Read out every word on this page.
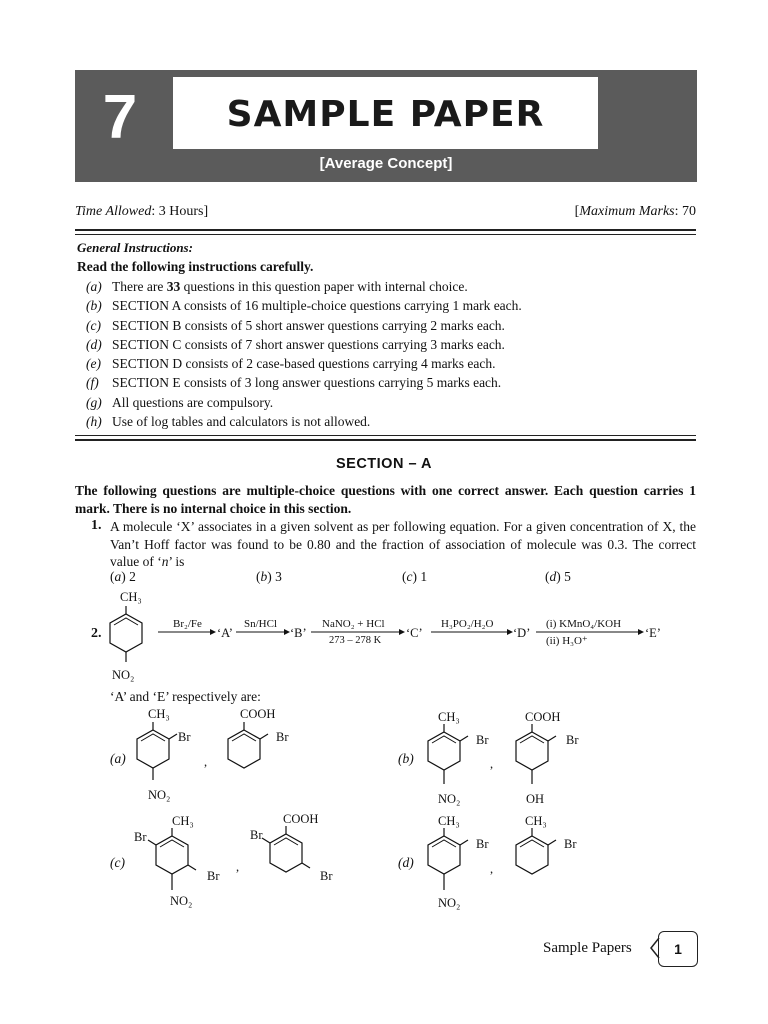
7	SAMPLE PAPER
[Average Concept]
Time Allowed: 3 Hours]	[Maximum Marks: 70
General Instructions:
Read the following instructions carefully.
(a) There are 33 questions in this question paper with internal choice.
(b) SECTION A consists of 16 multiple-choice questions carrying 1 mark each.
(c) SECTION B consists of 5 short answer questions carrying 2 marks each.
(d) SECTION C consists of 7 short answer questions carrying 3 marks each.
(e) SECTION D consists of 2 case-based questions carrying 4 marks each.
(f) SECTION E consists of 3 long answer questions carrying 5 marks each.
(g) All questions are compulsory.
(h) Use of log tables and calculators is not allowed.
SECTION – A
The following questions are multiple-choice questions with one correct answer. Each question carries 1 mark. There is no internal choice in this section.
1. A molecule ‘X’ associates in a given solvent as per following equation. For a given concentration of X, the Van’t Hoff factor was found to be 0.80 and the fraction of association of molecule was 0.3. The correct value of ‘n’ is
(a) 2	(b) 3	(c) 1	(d) 5
2.
CH₃
NO₂
Br₂/Fe
→ ‘A’
Sn/HCl
→ ‘B’
NaNO₂ + HCl
273 – 278 K
‘C’
H₃PO₂/H₂O
‘D’
(i) KMnO₄/KOH
(ii) H₃O⁺
‘E’
‘A’ and ‘E’ respectively are:
(a)
CH₃
Br
NO₂
,
COOH
Br
(b)
CH₃
Br
NO₂
,
COOH
Br
OH
(c)
CH₃
Br
Br
NO₂
,
COOH
Br
Br
(d)
CH₃
Br
NO₂
,
CH₃
Br
Sample Papers	1
